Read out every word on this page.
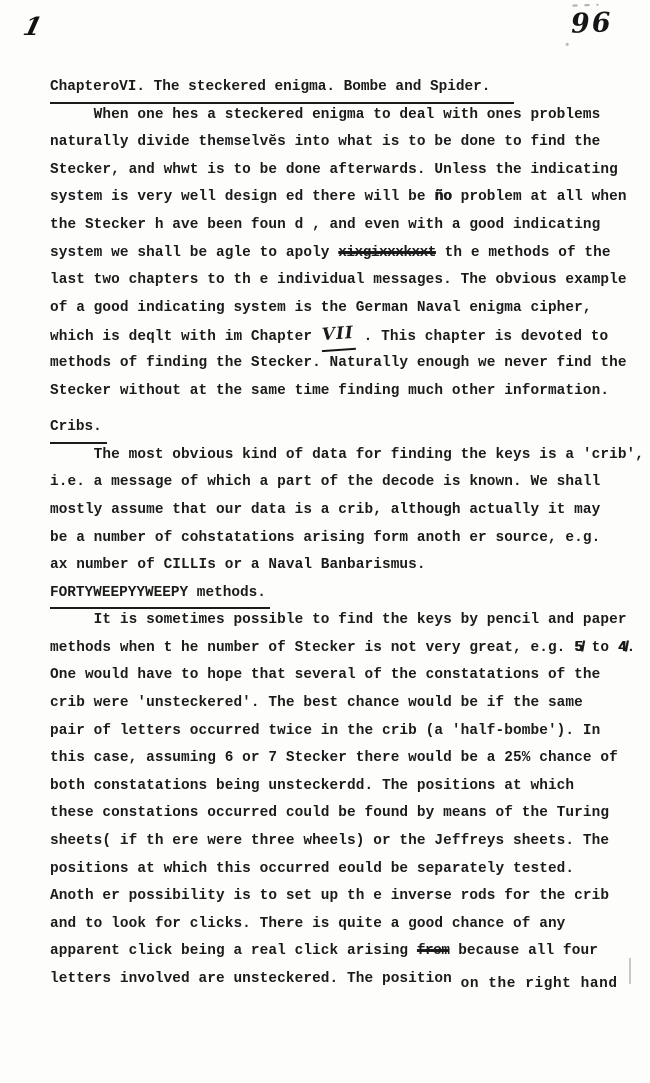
1	96
ChapteroVI. The steckered enigma. Bombe and Spider.
When one hes a steckered enigma to deal with ones problems
naturally divide themselvĕs into what is to be done to find the
Stecker, and whwt is to be done afterwards. Unless the indicating
system is very well design ed there will be ño problem at all when
the Stecker h ave been foun d , and even with a good indicating
system we shall be agle to apoly xixgixxxkxxt th e methods of the
last two chapters to th e individual messages. The obvious example
of a good indicating system is the German Naval enigma cipher,
which is deqlt with im Chapter VII . This chapter is devoted to
methods of finding the Stecker. Naturally enough we never find the
Stecker without at the same time finding much other information.
Cribs.
The most obvious kind of data for finding the keys is a 'crib',
i.e. a message of which a part of the decode is known. We shall
mostly assume that our data is a crib, although actually it may
be a number of cohstatations arising form anoth er source, e.g.
ax number of CILLIs or a Naval Banbarismus.
FORTYWEEPYYWEEPY methods.
It is sometimes possible to find the keys by pencil and paper
methods when t he number of Stecker is not very great, e.g. 5̸ to 4̸.
One would have to hope that several of the constatations of the
crib were 'unsteckered'. The best chance would be if the same
pair of letters occurred twice in the crib (a 'half-bombe'). In
this case, assuming 6 or 7 Stecker there would be a 25% chance of
both constatations being unsteckerdd. The positions at which
these constations occurred could be found by means of the Turing
sheets( if th ere were three wheels) or the Jeffreys sheets. The
positions at which this occurred eould be separately tested.
Anoth er possibility is to set up th e inverse rods for the crib
and to look for clicks. There is quite a good chance of any
apparent click being a real click arising from because all four
letters involved are unsteckered. The position on the right hand
